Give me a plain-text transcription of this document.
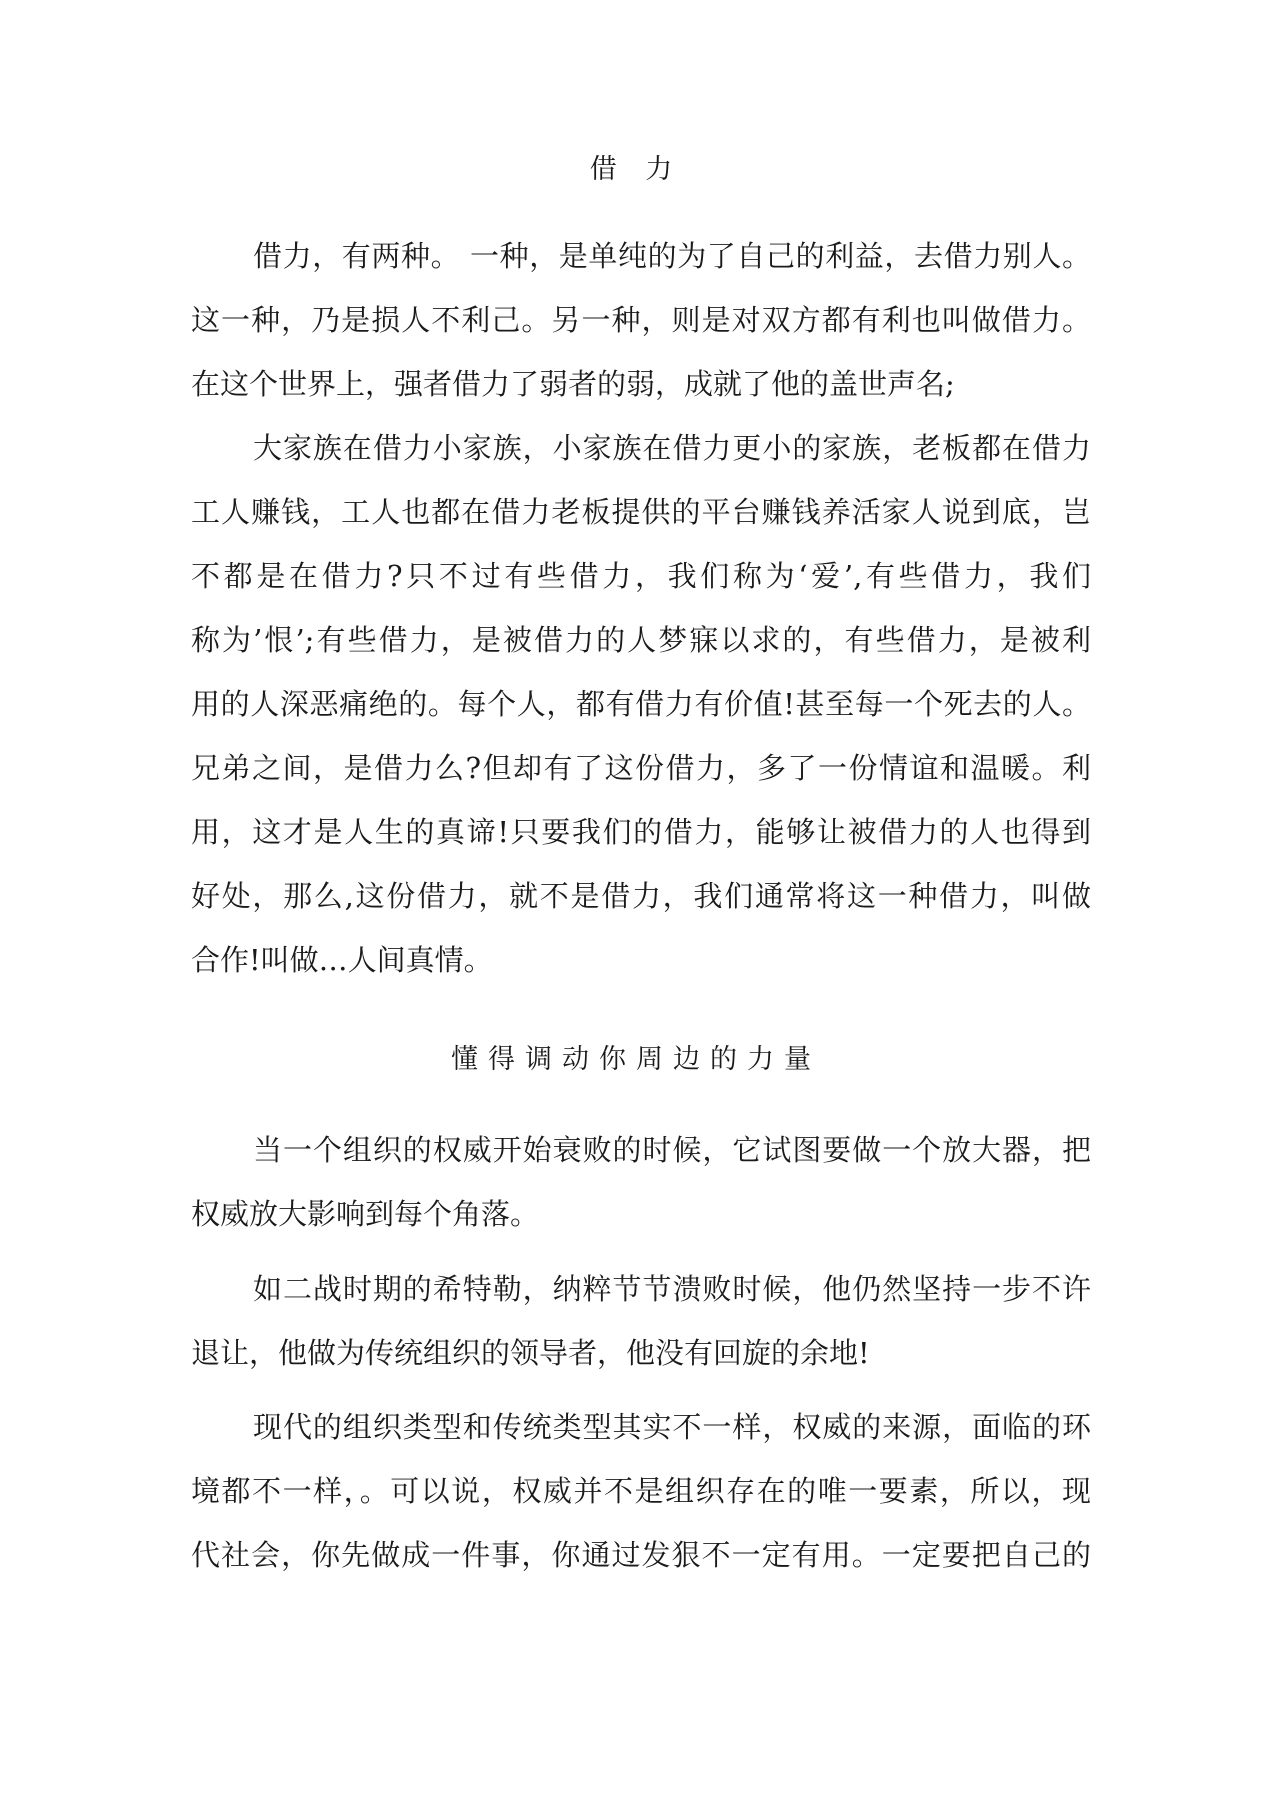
借 力
借力，有两种。 一种，是单纯的为了自己的利益，去借力别人。
这一种，乃是损人不利己。另一种，则是对双方都有利也叫做借力。
在这个世界上，强者借力了弱者的弱，成就了他的盖世声名;
大家族在借力小家族，小家族在借力更小的家族，老板都在借力
工人赚钱，工人也都在借力老板提供的平台赚钱养活家人说到底，岂
不都是在借力?只不过有些借力，我们称为‘爱’,有些借力，我们
称为’恨’;有些借力，是被借力的人梦寐以求的，有些借力，是被利
用的人深恶痛绝的。每个人，都有借力有价值!甚至每一个死去的人。
兄弟之间，是借力么?但却有了这份借力，多了一份情谊和温暖。利
用，这才是人生的真谛!只要我们的借力，能够让被借力的人也得到
好处，那么,这份借力，就不是借力，我们通常将这一种借力，叫做
合作!叫做…人间真情。
懂得调动你周边的力量
当一个组织的权威开始衰败的时候，它试图要做一个放大器，把
权威放大影响到每个角落。
如二战时期的希特勒，纳粹节节溃败时候，他仍然坚持一步不许
退让，他做为传统组织的领导者，他没有回旋的余地!
现代的组织类型和传统类型其实不一样，权威的来源，面临的环
境都不一样，。可以说，权威并不是组织存在的唯一要素，所以，现
代社会，你先做成一件事，你通过发狠不一定有用。一定要把自己的
